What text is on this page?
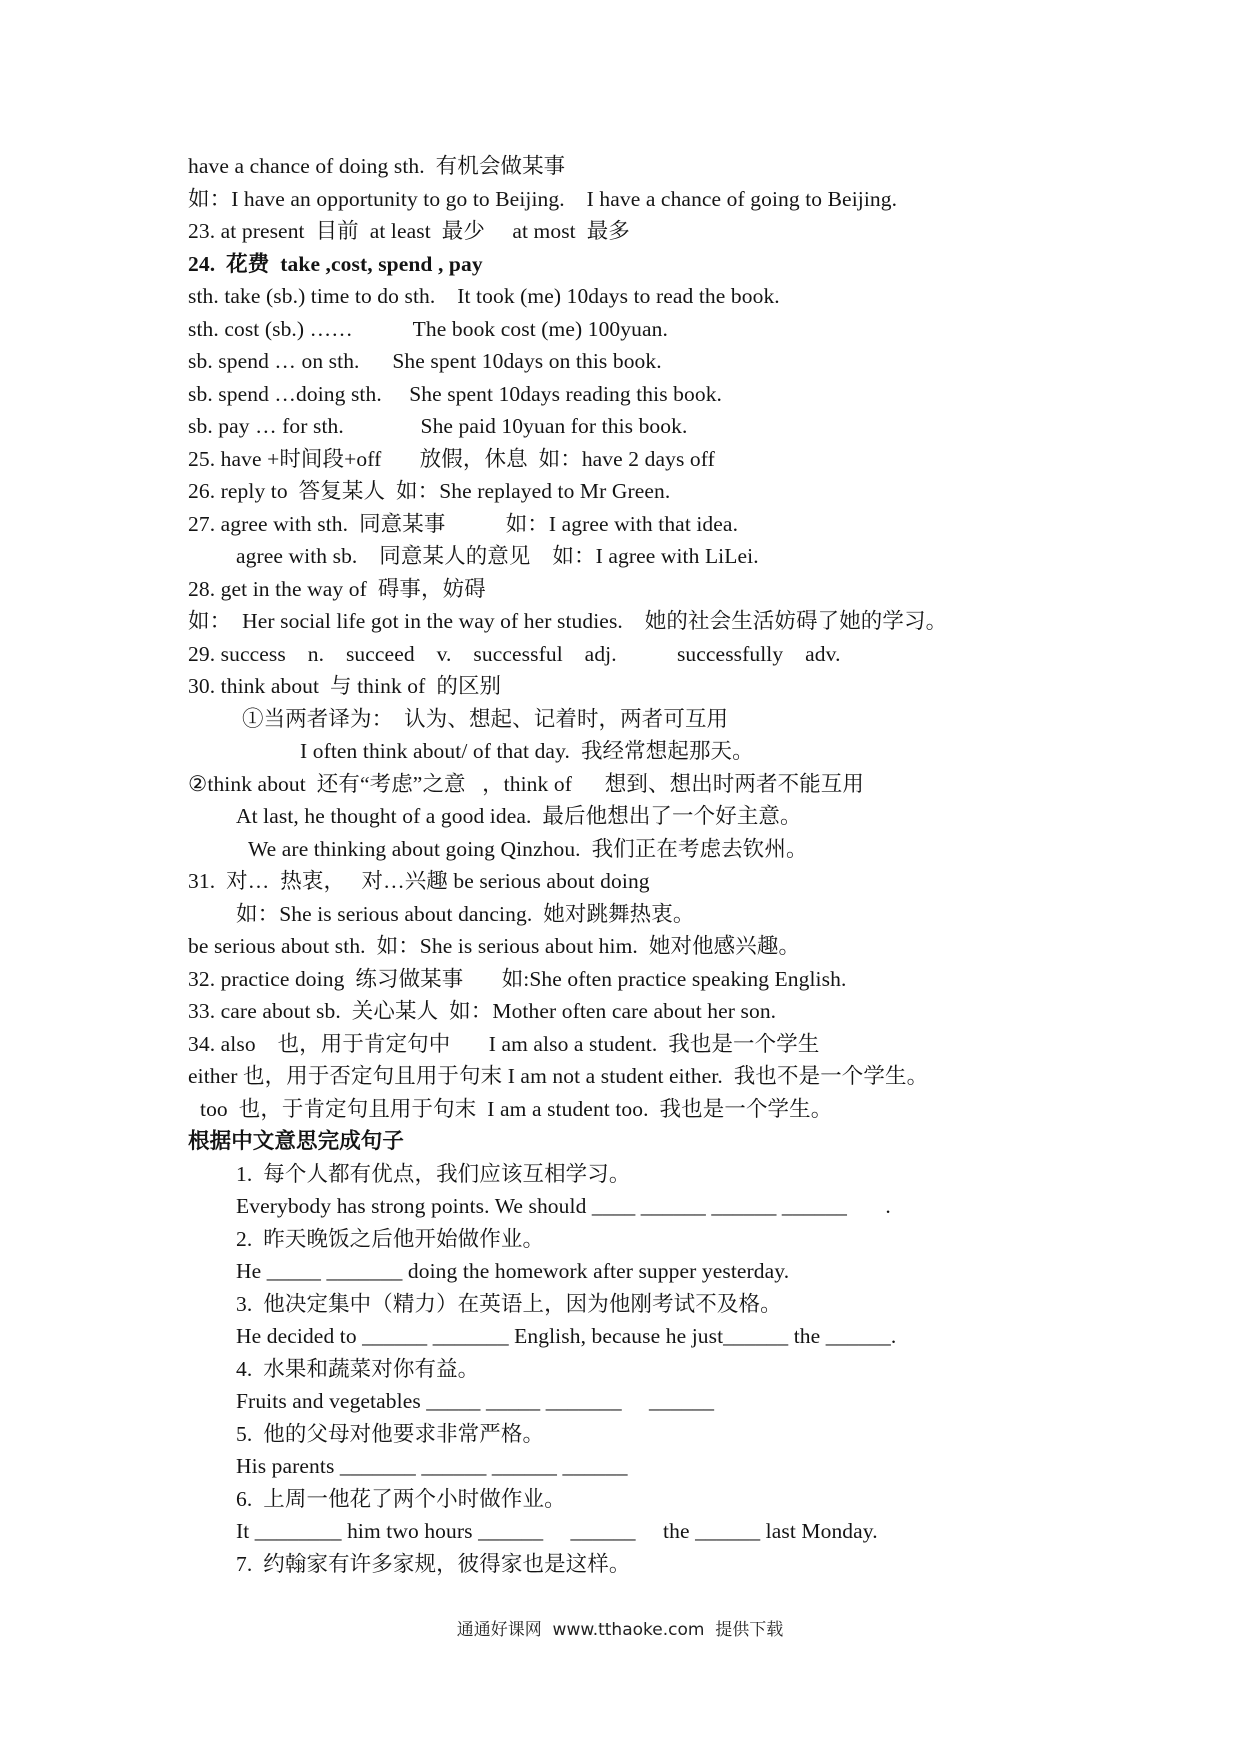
have a chance of doing sth.  有机会做某事
如：I have an opportunity to go to Beijing.    I have a chance of going to Beijing.
23. at present  目前  at least  最少     at most  最多
24.  花费  take ,cost, spend , pay
sth. take (sb.) time to do sth.    It took (me) 10days to read the book.
sth. cost (sb.) ……           The book cost (me) 100yuan.
sb. spend … on sth.      She spent 10days on this book.
sb. spend …doing sth.     She spent 10days reading this book.
sb. pay … for sth.              She paid 10yuan for this book.
25. have +时间段+off       放假，休息  如：have 2 days off
26. reply to  答复某人  如：She replayed to Mr Green.
27. agree with sth.  同意某事           如：I agree with that idea.
agree with sb.    同意某人的意见    如：I agree with LiLei.
28. get in the way of  碍事，妨碍
如：  Her social life got in the way of her studies.    她的社会生活妨碍了她的学习。
29. success    n.    succeed    v.    successful    adj.           successfully    adv.
30. think about  与 think of  的区别
①当两者译为：  认为、想起、记着时，两者可互用
I often think about/ of that day.  我经常想起那天。
②think about  还有“考虑”之意   ，think of      想到、想出时两者不能互用
At last, he thought of a good idea.  最后他想出了一个好主意。
We are thinking about going Qinzhou.  我们正在考虑去钦州。
31.  对…  热衷，   对…兴趣 be serious about doing
如：She is serious about dancing.  她对跳舞热衷。
be serious about sth.  如：She is serious about him.  她对他感兴趣。
32. practice doing  练习做某事       如:She often practice speaking English.
33. care about sb.  关心某人  如：Mother often care about her son.
34. also    也，用于肯定句中       I am also a student.  我也是一个学生
either 也，用于否定句且用于句末 I am not a student either.  我也不是一个学生。
too  也，于肯定句且用于句末  I am a student too.  我也是一个学生。
根据中文意思完成句子
1.  每个人都有优点，我们应该互相学习。
Everybody has strong points. We should ____ ______ ______ ______       .
2.  昨天晚饭之后他开始做作业。
He _____ _______ doing the homework after supper yesterday.
3.  他决定集中（精力）在英语上，因为他刚考试不及格。
He decided to ______ _______ English, because he just______ the ______.
4.  水果和蔬菜对你有益。
Fruits and vegetables _____ _____ _______     ______
5.  他的父母对他要求非常严格。
His parents _______ ______ ______ ______
6.  上周一他花了两个小时做作业。
It ________ him two hours ______     ______     the ______ last Monday.
7.  约翰家有许多家规，彼得家也是这样。
通通好课网  www.tthaoke.com  提供下载
